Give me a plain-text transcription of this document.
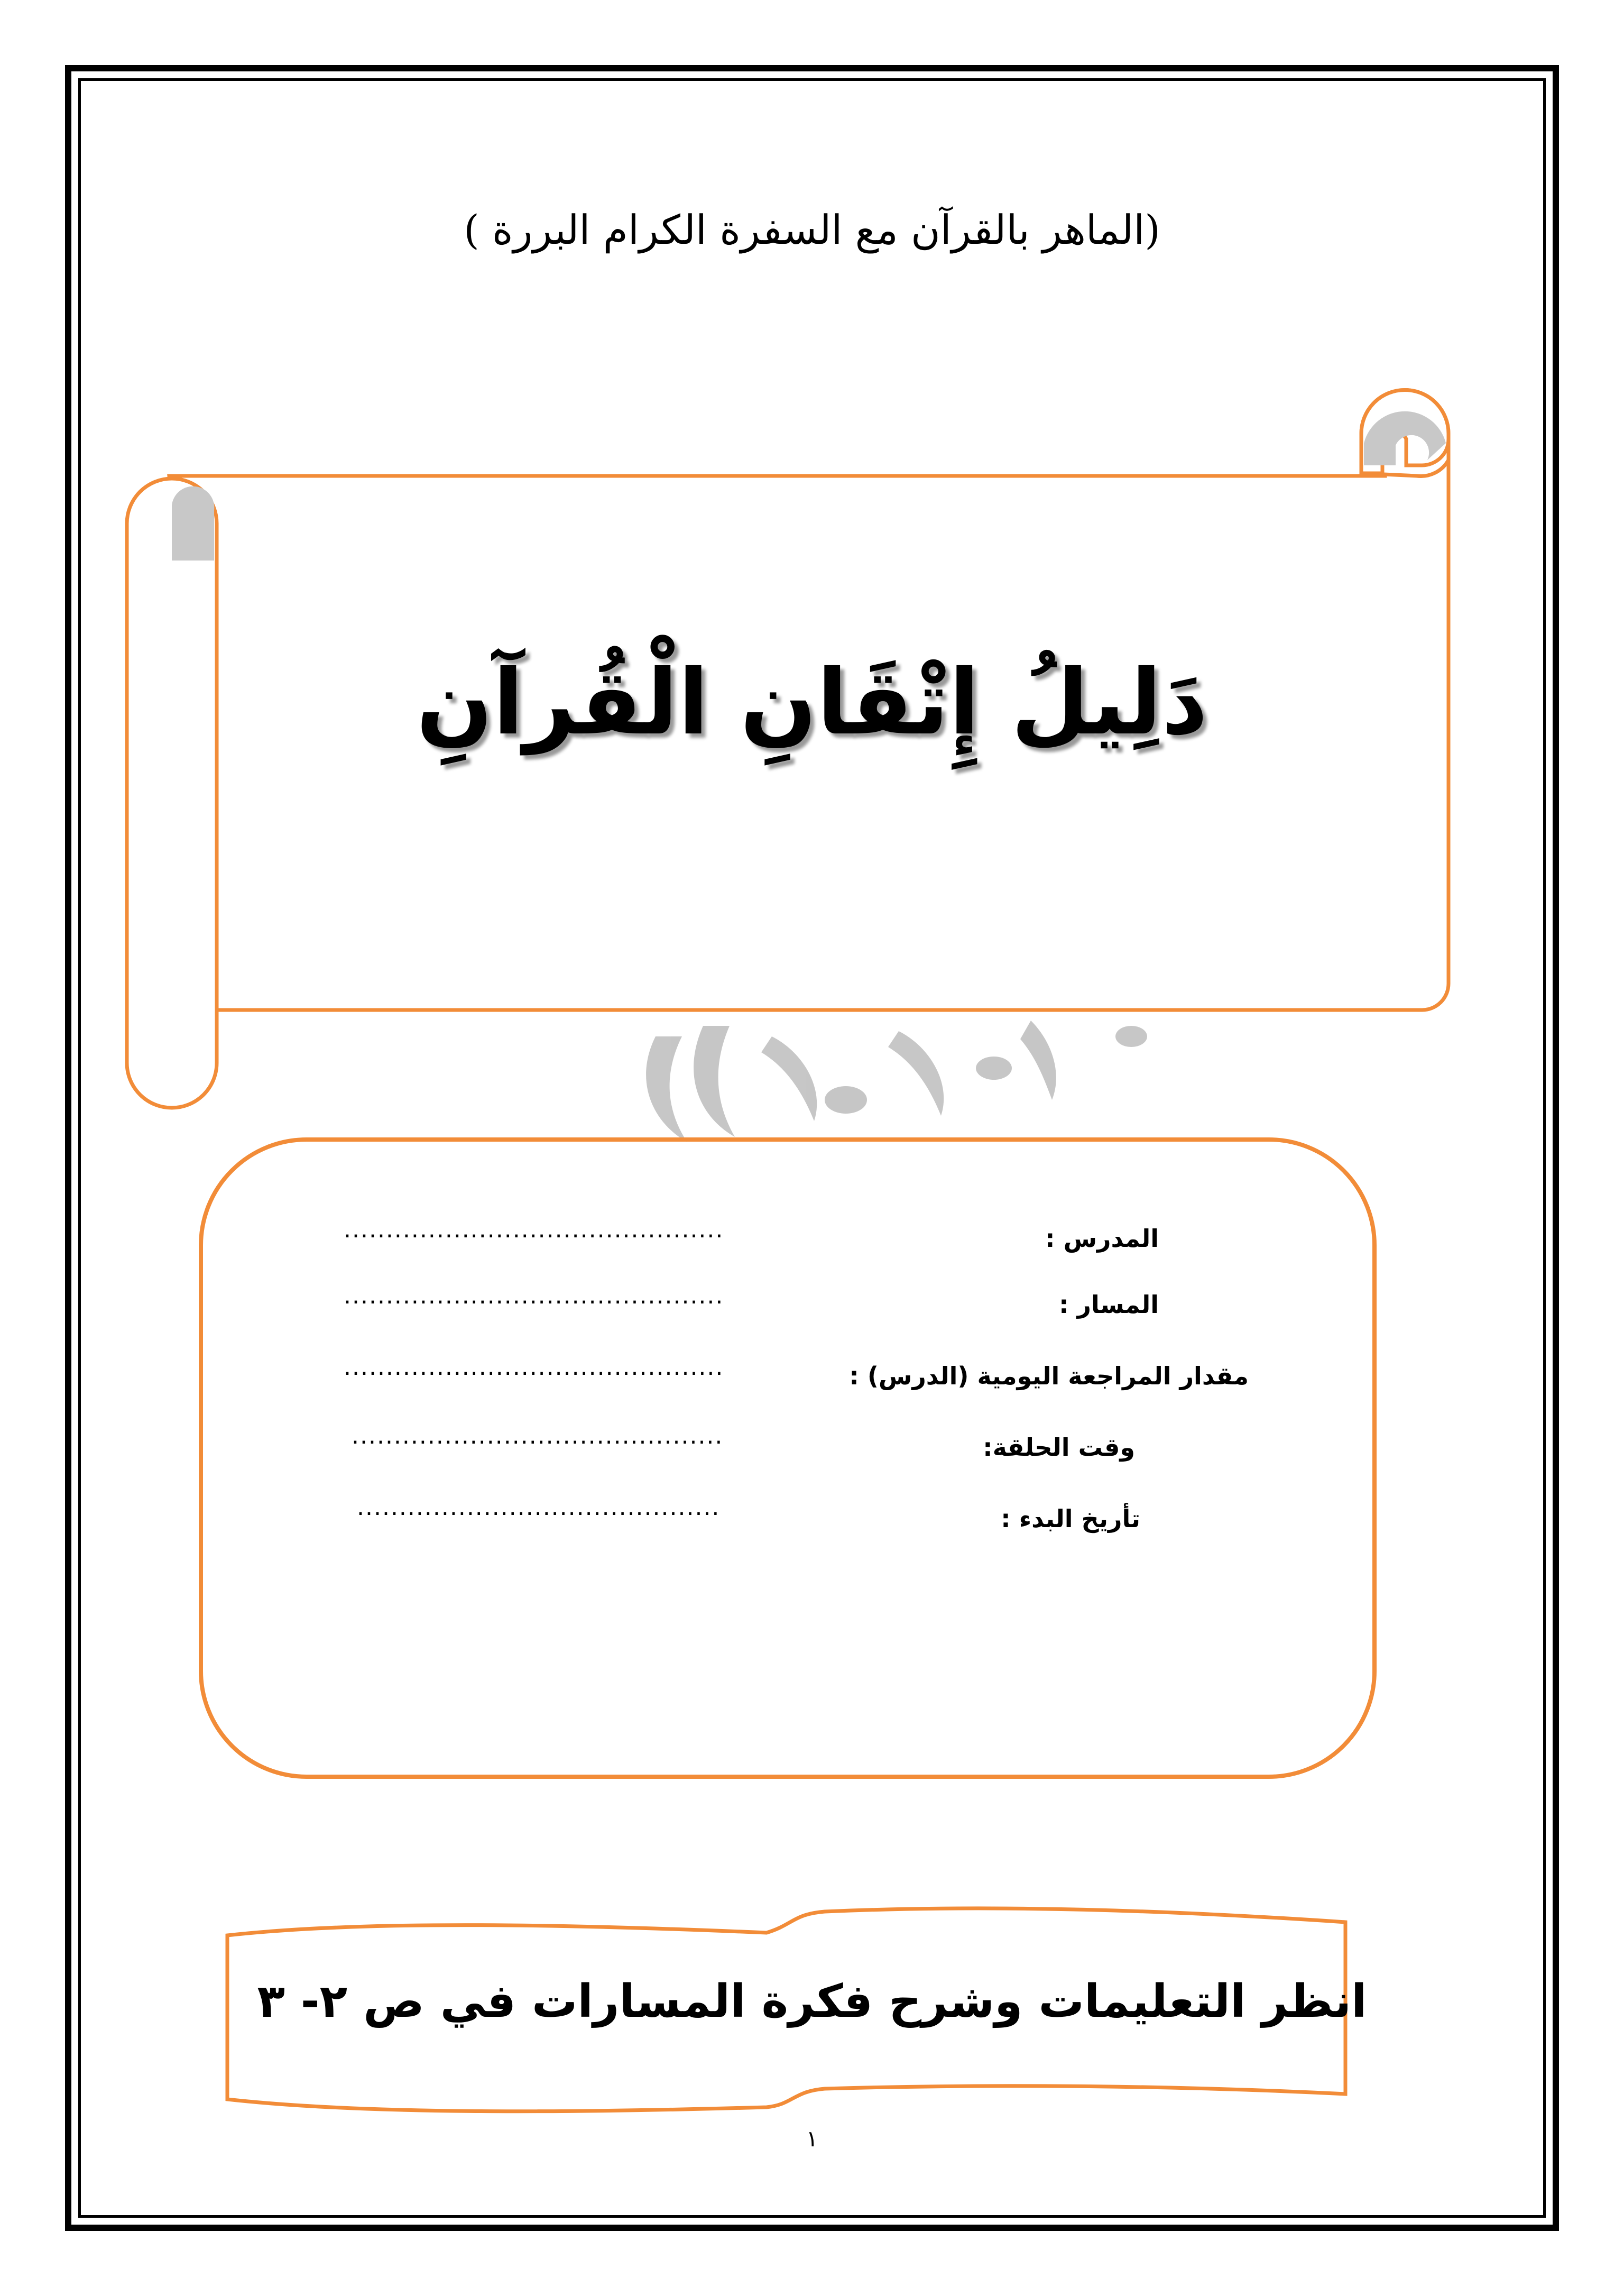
(الماهر بالقرآن مع السفرة الكرام البررة )
دَلِيلُ إِتْقَانِ الْقُرآنِ
المدرس :
.............................................
المسار :
.............................................
مقدار المراجعة اليومية (الدرس) :
.............................................
وقت الحلقة:
............................................
تأريخ البدء :
...........................................
انظر التعليمات وشرح فكرة المسارات في ص ٢- ٣
١
